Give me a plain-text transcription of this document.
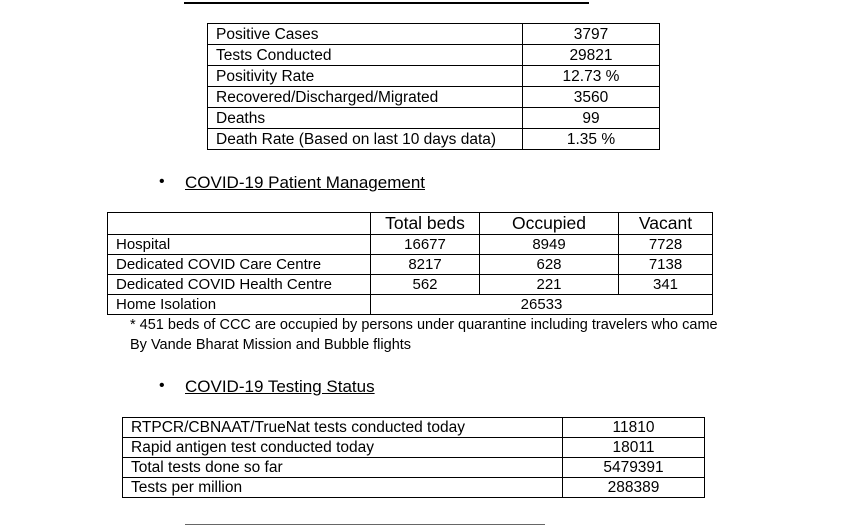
Positive Cases	3797
Tests Conducted	29821
Positivity Rate	12.73 %
Recovered/Discharged/Migrated	3560
Deaths	99
Death Rate (Based on last 10 days data)	1.35 %
• COVID-19 Patient Management
	Total beds	Occupied	Vacant
Hospital	16677	8949	7728
Dedicated COVID Care Centre	8217	628	7138
Dedicated COVID Health Centre	562	221	341
Home Isolation	26533		
* 451 beds of CCC are occupied by persons under quarantine including travelers who came
By Vande Bharat Mission and Bubble flights
• COVID-19 Testing Status
RTPCR/CBNAAT/TrueNat tests conducted today	11810
Rapid antigen test conducted today	18011
Total tests done so far	5479391
Tests per million	288389
